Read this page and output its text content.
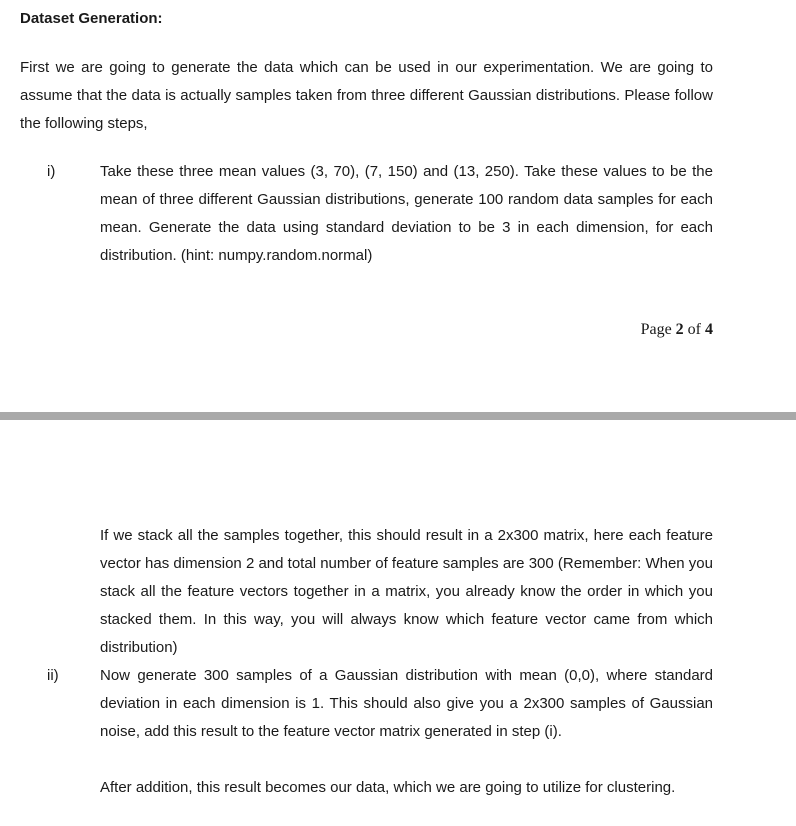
Dataset Generation:
First we are going to generate the data which can be used in our experimentation. We are going to assume that the data is actually samples taken from three different Gaussian distributions. Please follow the following steps,
i)	Take these three mean values (3, 70), (7, 150) and (13, 250). Take these values to be the mean of three different Gaussian distributions, generate 100 random data samples for each mean. Generate the data using standard deviation to be 3 in each dimension, for each distribution. (hint: numpy.random.normal)
Page 2 of 4
If we stack all the samples together, this should result in a 2x300 matrix, here each feature vector has dimension 2 and total number of feature samples are 300 (Remember: When you stack all the feature vectors together in a matrix, you already know the order in which you stacked them. In this way, you will always know which feature vector came from which distribution)
ii)	Now generate 300 samples of a Gaussian distribution with mean (0,0), where standard deviation in each dimension is 1. This should also give you a 2x300 samples of Gaussian noise, add this result to the feature vector matrix generated in step (i).
After addition, this result becomes our data, which we are going to utilize for clustering.
